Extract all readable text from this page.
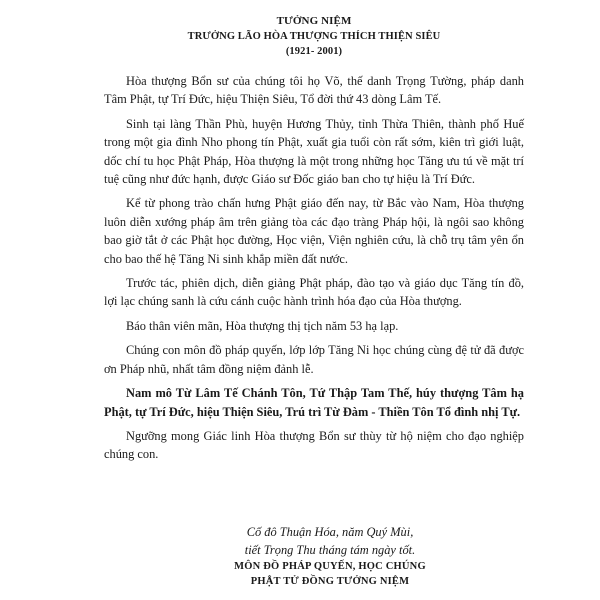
TƯỞNG NIỆM
TRƯỞNG LÃO HÒA THƯỢNG THÍCH THIỆN SIÊU
(1921- 2001)

Hòa thượng Bổn sư của chúng tôi họ Võ, thế danh Trọng Tường, pháp danh Tâm Phật, tự Trí Đức, hiệu Thiện Siêu, Tổ đời thứ 43 dòng Lâm Tế.

Sinh tại làng Thần Phù, huyện Hương Thủy, tỉnh Thừa Thiên, thành phố Huế trong một gia đình Nho phong tín Phật, xuất gia tuổi còn rất sớm, kiên trì giới luật, dốc chí tu học Phật Pháp, Hòa thượng là một trong những học Tăng ưu tú về mặt trí tuệ cũng như đức hạnh, được Giáo sư Đốc giáo ban cho tự hiệu là Trí Đức.

Kể từ phong trào chấn hưng Phật giáo đến nay, từ Bắc vào Nam, Hòa thượng luôn diễn xướng pháp âm trên giảng tòa các đạo tràng Pháp hội, là ngôi sao không bao giờ tắt ở các Phật học đường, Học viện, Viện nghiên cứu, là chỗ trụ tâm yên ổn cho bao thế hệ Tăng Ni sinh khắp miền đất nước.

Trước tác, phiên dịch, diễn giảng Phật pháp, đào tạo và giáo dục Tăng tín đồ, lợi lạc chúng sanh là cứu cánh cuộc hành trình hóa đạo của Hòa thượng.

Báo thân viên mãn, Hòa thượng thị tịch năm 53 hạ lạp.

Chúng con môn đồ pháp quyến, lớp lớp Tăng Ni học chúng cùng đệ tử đã được ơn Pháp nhũ, nhất tâm đồng niệm đảnh lễ.

Nam mô Từ Lâm Tế Chánh Tôn, Tứ Thập Tam Thế, húy thượng Tâm hạ Phật, tự Trí Đức, hiệu Thiện Siêu, Trú trì Từ Đàm - Thiền Tôn Tổ đình nhị Tự.

Ngưỡng mong Giác linh Hòa thượng Bổn sư thùy từ hộ niệm cho đạo nghiệp chúng con.

Cố đô Thuận Hóa, năm Quý Mùi,
tiết Trọng Thu tháng tám ngày tốt.
MÔN ĐỒ PHÁP QUYẾN, HỌC CHÚNG
PHẬT TỬ ĐỒNG TƯỞNG NIỆM
